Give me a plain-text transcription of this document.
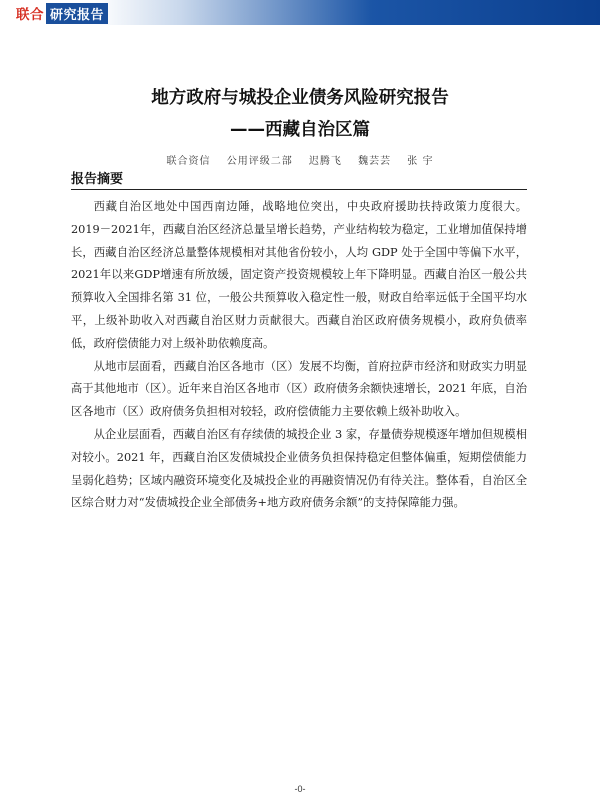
联合 研究报告
地方政府与城投企业债务风险研究报告
——西藏自治区篇
联合资信 公用评级二部 迟腾飞 魏芸芸 张 宇
报告摘要

西藏自治区地处中国西南边陲，战略地位突出，中央政府援助扶持政策力度很大。2019－2021年，西藏自治区经济总量呈增长趋势，产业结构较为稳定，工业增加值保持增长，西藏自治区经济总量整体规模相对其他省份较小，人均 GDP 处于全国中等偏下水平，2021年以来GDP增速有所放缓，固定资产投资规模较上年下降明显。西藏自治区一般公共预算收入全国排名第 31 位，一般公共预算收入稳定性一般，财政自给率远低于全国平均水平，上级补助收入对西藏自治区财力贡献很大。西藏自治区政府债务规模小，政府负债率低，政府偿债能力对上级补助依赖度高。

从地市层面看，西藏自治区各地市（区）发展不均衡，首府拉萨市经济和财政实力明显高于其他地市（区）。近年来自治区各地市（区）政府债务余额快速增长，2021 年底，自治区各地市（区）政府债务负担相对较轻，政府偿债能力主要依赖上级补助收入。

从企业层面看，西藏自治区有存续债的城投企业 3 家，存量债券规模逐年增加但规模相对较小。2021 年，西藏自治区发债城投企业债务负担保持稳定但整体偏重，短期偿债能力呈弱化趋势；区域内融资环境变化及城投企业的再融资情况仍有待关注。整体看，自治区全区综合财力对“发债城投企业全部债务+地方政府债务余额”的支持保障能力强。

-0-
